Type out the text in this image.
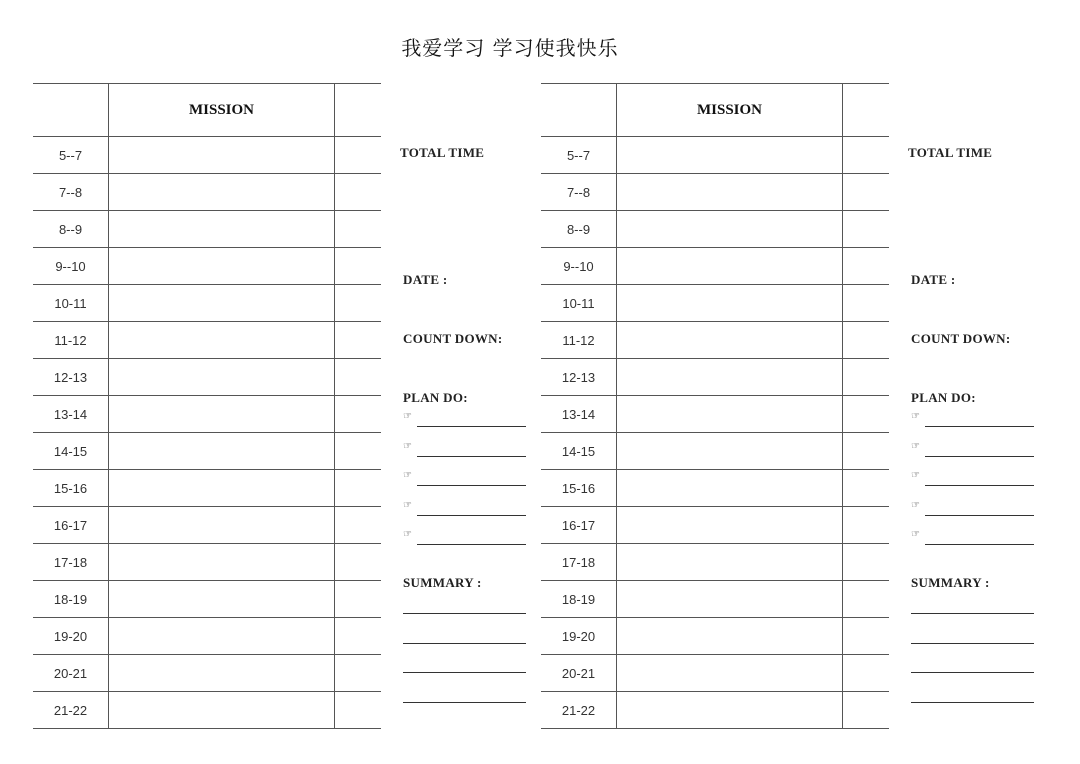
我爱学习 学习使我快乐
	MISSION	
5--7		
7--8		
8--9		
9--10		
10-11		
11-12		
12-13		
13-14		
14-15		
15-16		
16-17		
17-18		
18-19		
19-20		
20-21		
21-22		
TOTAL TIME
DATE :
COUNT DOWN:
PLAN DO:
☞
☞
☞
☞
☞
SUMMARY :
	MISSION	
5--7		
7--8		
8--9		
9--10		
10-11		
11-12		
12-13		
13-14		
14-15		
15-16		
16-17		
17-18		
18-19		
19-20		
20-21		
21-22		
TOTAL TIME
DATE :
COUNT DOWN:
PLAN DO:
☞
☞
☞
☞
☞
SUMMARY :
